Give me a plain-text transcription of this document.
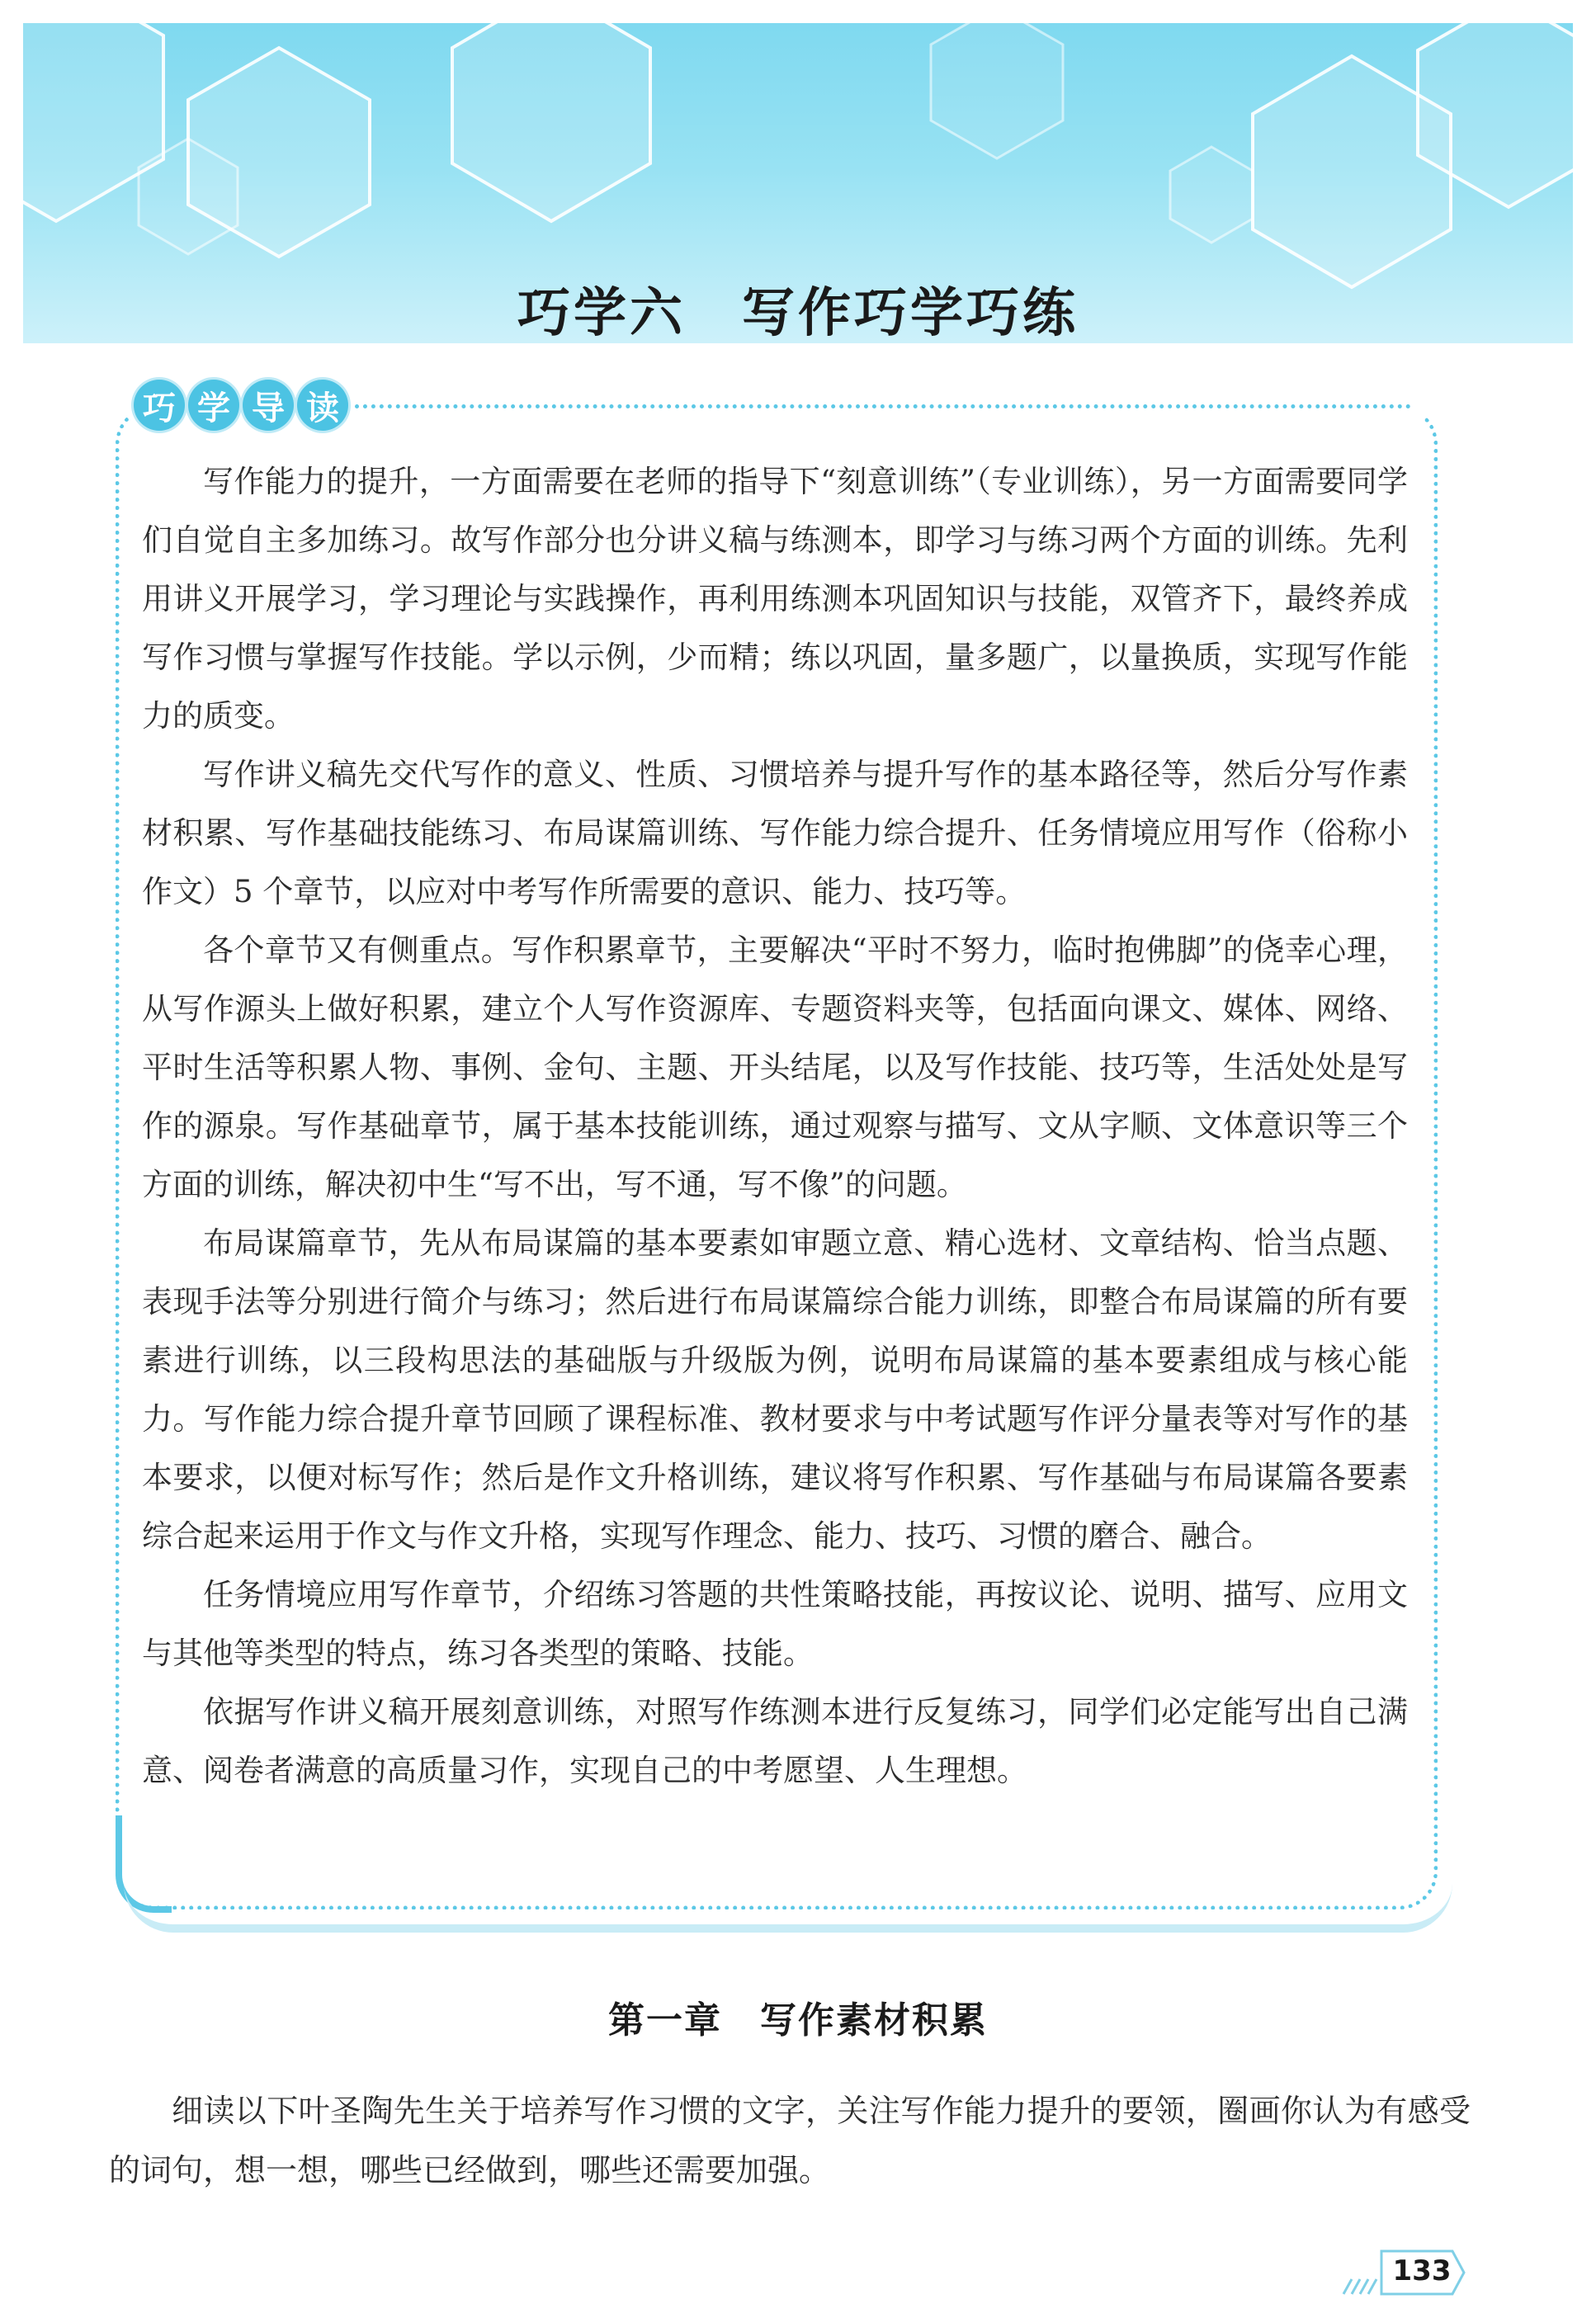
巧学六　写作巧学巧练
巧 学 导 读

写作能力的提升，一方面需要在老师的指导下“刻意训练”（专业训练），另一方面需要同学们自觉自主多加练习。故写作部分也分讲义稿与练测本，即学习与练习两个方面的训练。先利用讲义开展学习，学习理论与实践操作，再利用练测本巩固知识与技能，双管齐下，最终养成写作习惯与掌握写作技能。学以示例，少而精；练以巩固，量多题广，以量换质，实现写作能力的质变。

写作讲义稿先交代写作的意义、性质、习惯培养与提升写作的基本路径等，然后分写作素材积累、写作基础技能练习、布局谋篇训练、写作能力综合提升、任务情境应用写作（俗称小作文）5 个章节，以应对中考写作所需要的意识、能力、技巧等。

各个章节又有侧重点。写作积累章节，主要解决“平时不努力，临时抱佛脚”的侥幸心理，从写作源头上做好积累，建立个人写作资源库、专题资料夹等，包括面向课文、媒体、网络、平时生活等积累人物、事例、金句、主题、开头结尾，以及写作技能、技巧等，生活处处是写作的源泉。写作基础章节，属于基本技能训练，通过观察与描写、文从字顺、文体意识等三个方面的训练，解决初中生“写不出，写不通，写不像”的问题。

布局谋篇章节，先从布局谋篇的基本要素如审题立意、精心选材、文章结构、恰当点题、表现手法等分别进行简介与练习；然后进行布局谋篇综合能力训练，即整合布局谋篇的所有要素进行训练，以三段构思法的基础版与升级版为例，说明布局谋篇的基本要素组成与核心能力。写作能力综合提升章节回顾了课程标准、教材要求与中考试题写作评分量表等对写作的基本要求，以便对标写作；然后是作文升格训练，建议将写作积累、写作基础与布局谋篇各要素综合起来运用于作文与作文升格，实现写作理念、能力、技巧、习惯的磨合、融合。

任务情境应用写作章节，介绍练习答题的共性策略技能，再按议论、说明、描写、应用文与其他等类型的特点，练习各类型的策略、技能。

依据写作讲义稿开展刻意训练，对照写作练测本进行反复练习，同学们必定能写出自己满意、阅卷者满意的高质量习作，实现自己的中考愿望、人生理想。

第一章　写作素材积累

细读以下叶圣陶先生关于培养写作习惯的文字，关注写作能力提升的要领，圈画你认为有感受的词句，想一想，哪些已经做到，哪些还需要加强。

133
